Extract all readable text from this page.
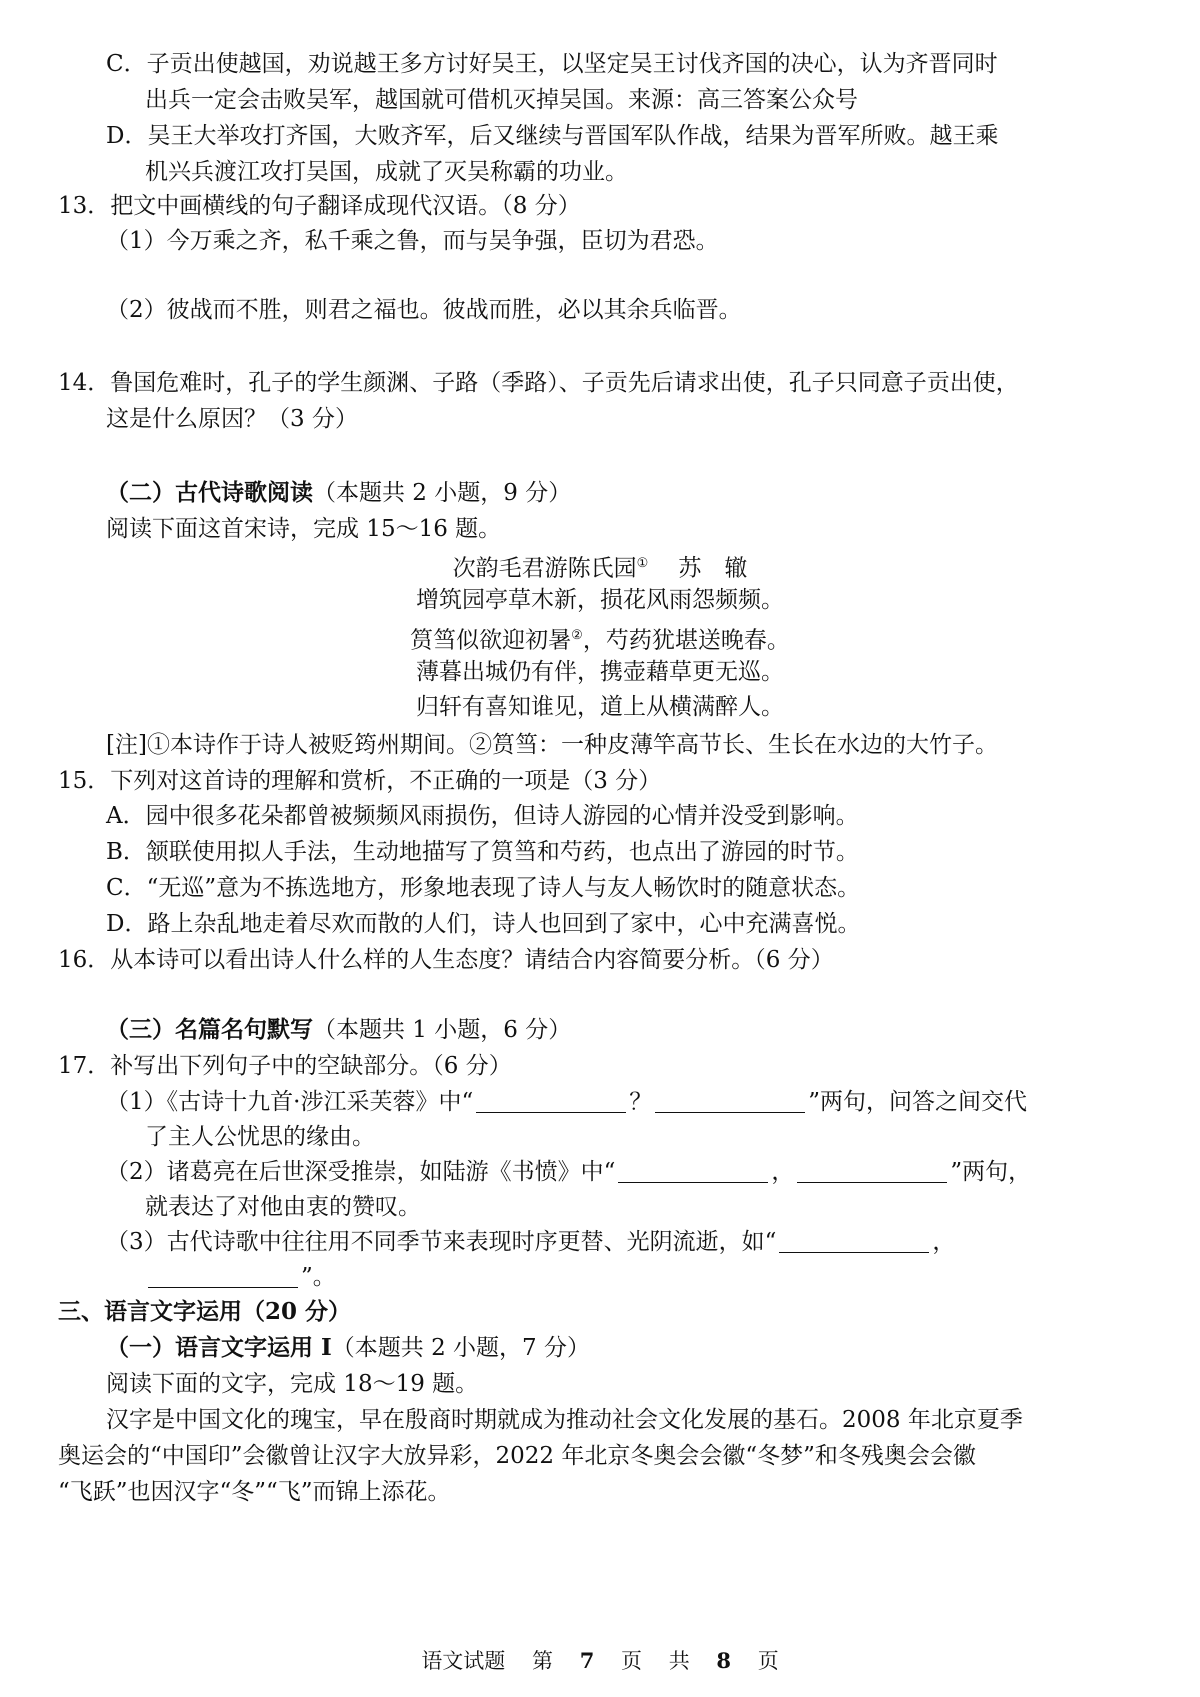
C．子贡出使越国，劝说越王多方讨好吴王，以坚定吴王讨伐齐国的决心，认为齐晋同时
出兵一定会击败吴军，越国就可借机灭掉吴国。来源：高三答案公众号
D．吴王大举攻打齐国，大败齐军，后又继续与晋国军队作战，结果为晋军所败。越王乘
机兴兵渡江攻打吴国，成就了灭吴称霸的功业。
13．把文中画横线的句子翻译成现代汉语。（8 分）
（1）今万乘之齐，私千乘之鲁，而与吴争强，臣切为君恐。
（2）彼战而不胜，则君之福也。彼战而胜，必以其余兵临晋。
14．鲁国危难时，孔子的学生颜渊、子路（季路）、子贡先后请求出使，孔子只同意子贡出使，
这是什么原因？（3 分）
（二）古代诗歌阅读（本题共 2 小题，9 分）
阅读下面这首宋诗，完成 15～16 题。
次韵毛君游陈氏园① 苏　辙
增筑园亭草木新，损花风雨怨频频。
筼筜似欲迎初暑②，芍药犹堪送晚春。
薄暮出城仍有伴，携壶藉草更无巡。
归轩有喜知谁见，道上从横满醉人。
[注]①本诗作于诗人被贬筠州期间。②筼筜：一种皮薄竿高节长、生长在水边的大竹子。
15．下列对这首诗的理解和赏析，不正确的一项是（3 分）
A．园中很多花朵都曾被频频风雨损伤，但诗人游园的心情并没受到影响。
B．颔联使用拟人手法，生动地描写了筼筜和芍药，也点出了游园的时节。
C．“无巡”意为不拣选地方，形象地表现了诗人与友人畅饮时的随意状态。
D．路上杂乱地走着尽欢而散的人们，诗人也回到了家中，心中充满喜悦。
16．从本诗可以看出诗人什么样的人生态度？请结合内容简要分析。（6 分）
（三）名篇名句默写（本题共 1 小题，6 分）
17．补写出下列句子中的空缺部分。（6 分）
（1）《古诗十九首·涉江采芙蓉》中“	？	”两句，问答之间交代
了主人公忧思的缘由。
（2）诸葛亮在后世深受推崇，如陆游《书愤》中“	，	”两句，
就表达了对他由衷的赞叹。
（3）古代诗歌中往往用不同季节来表现时序更替、光阴流逝，如“	，
”。
三、语言文字运用（20 分）
（一）语言文字运用 I（本题共 2 小题，7 分）
阅读下面的文字，完成 18～19 题。
汉字是中国文化的瑰宝，早在殷商时期就成为推动社会文化发展的基石。2008 年北京夏季
奥运会的“中国印”会徽曾让汉字大放异彩，2022 年北京冬奥会会徽“冬梦”和冬残奥会会徽
“飞跃”也因汉字“冬”“飞”而锦上添花。
语文试题 第 7 页 共 8 页
